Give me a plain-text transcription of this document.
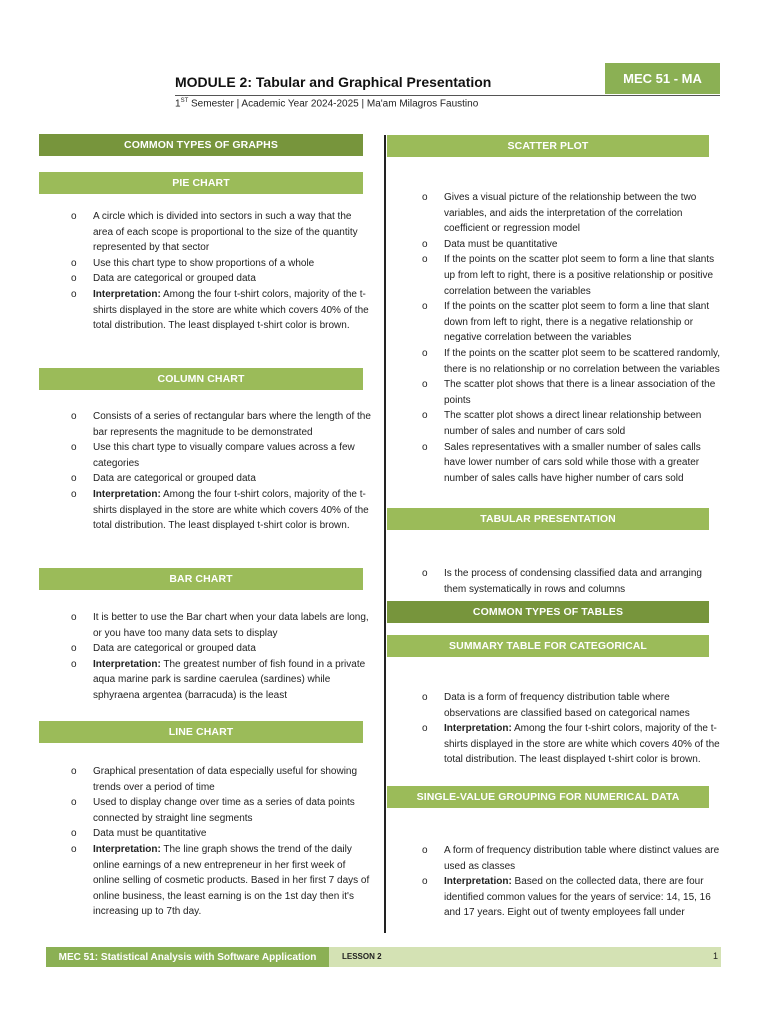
MODULE 2: Tabular and Graphical Presentation
1ST Semester | Academic Year 2024-2025 | Ma'am Milagros Faustino
MEC 51 - MA
COMMON TYPES OF GRAPHS
PIE CHART
o A circle which is divided into sectors in such a way that the area of each scope is proportional to the size of the quantity represented by that sector
o Use this chart type to show proportions of a whole
o Data are categorical or grouped data
o Interpretation: Among the four t-shirt colors, majority of the t-shirts displayed in the store are white which covers 40% of the total distribution. The least displayed t-shirt color is brown.
COLUMN CHART
o Consists of a series of rectangular bars where the length of the bar represents the magnitude to be demonstrated
o Use this chart type to visually compare values across a few categories
o Data are categorical or grouped data
o Interpretation: Among the four t-shirt colors, majority of the t-shirts displayed in the store are white which covers 40% of the total distribution. The least displayed t-shirt color is brown.
BAR CHART
o It is better to use the Bar chart when your data labels are long, or you have too many data sets to display
o Data are categorical or grouped data
o Interpretation: The greatest number of fish found in a private aqua marine park is sardine caerulea (sardines) while sphyraena argentea (barracuda) is the least
LINE CHART
o Graphical presentation of data especially useful for showing trends over a period of time
o Used to display change over time as a series of data points connected by straight line segments
o Data must be quantitative
o Interpretation: The line graph shows the trend of the daily online earnings of a new entrepreneur in her first week of online selling of cosmetic products. Based in her first 7 days of online business, the least earning is on the 1st day then it's increasing up to 7th day.
SCATTER PLOT
o Gives a visual picture of the relationship between the two variables, and aids the interpretation of the correlation coefficient or regression model
o Data must be quantitative
o If the points on the scatter plot seem to form a line that slants up from left to right, there is a positive relationship or positive correlation between the variables
o If the points on the scatter plot seem to form a line that slant down from left to right, there is a negative relationship or negative correlation between the variables
o If the points on the scatter plot seem to be scattered randomly, there is no relationship or no correlation between the variables
o The scatter plot shows that there is a linear association of the points
o The scatter plot shows a direct linear relationship between number of sales and number of cars sold
o Sales representatives with a smaller number of sales calls have lower number of cars sold while those with a greater number of sales calls have higher number of cars sold
TABULAR PRESENTATION
o Is the process of condensing classified data and arranging them systematically in rows and columns
COMMON TYPES OF TABLES
SUMMARY TABLE FOR CATEGORICAL
o Data is a form of frequency distribution table where observations are classified based on categorical names
o Interpretation: Among the four t-shirt colors, majority of the t-shirts displayed in the store are white which covers 40% of the total distribution. The least displayed t-shirt color is brown.
SINGLE-VALUE GROUPING FOR NUMERICAL DATA
o A form of frequency distribution table where distinct values are used as classes
o Interpretation: Based on the collected data, there are four identified common values for the years of service: 14, 15, 16 and 17 years. Eight out of twenty employees fall under
MEC 51: Statistical Analysis with Software Application	LESSON 2	1
